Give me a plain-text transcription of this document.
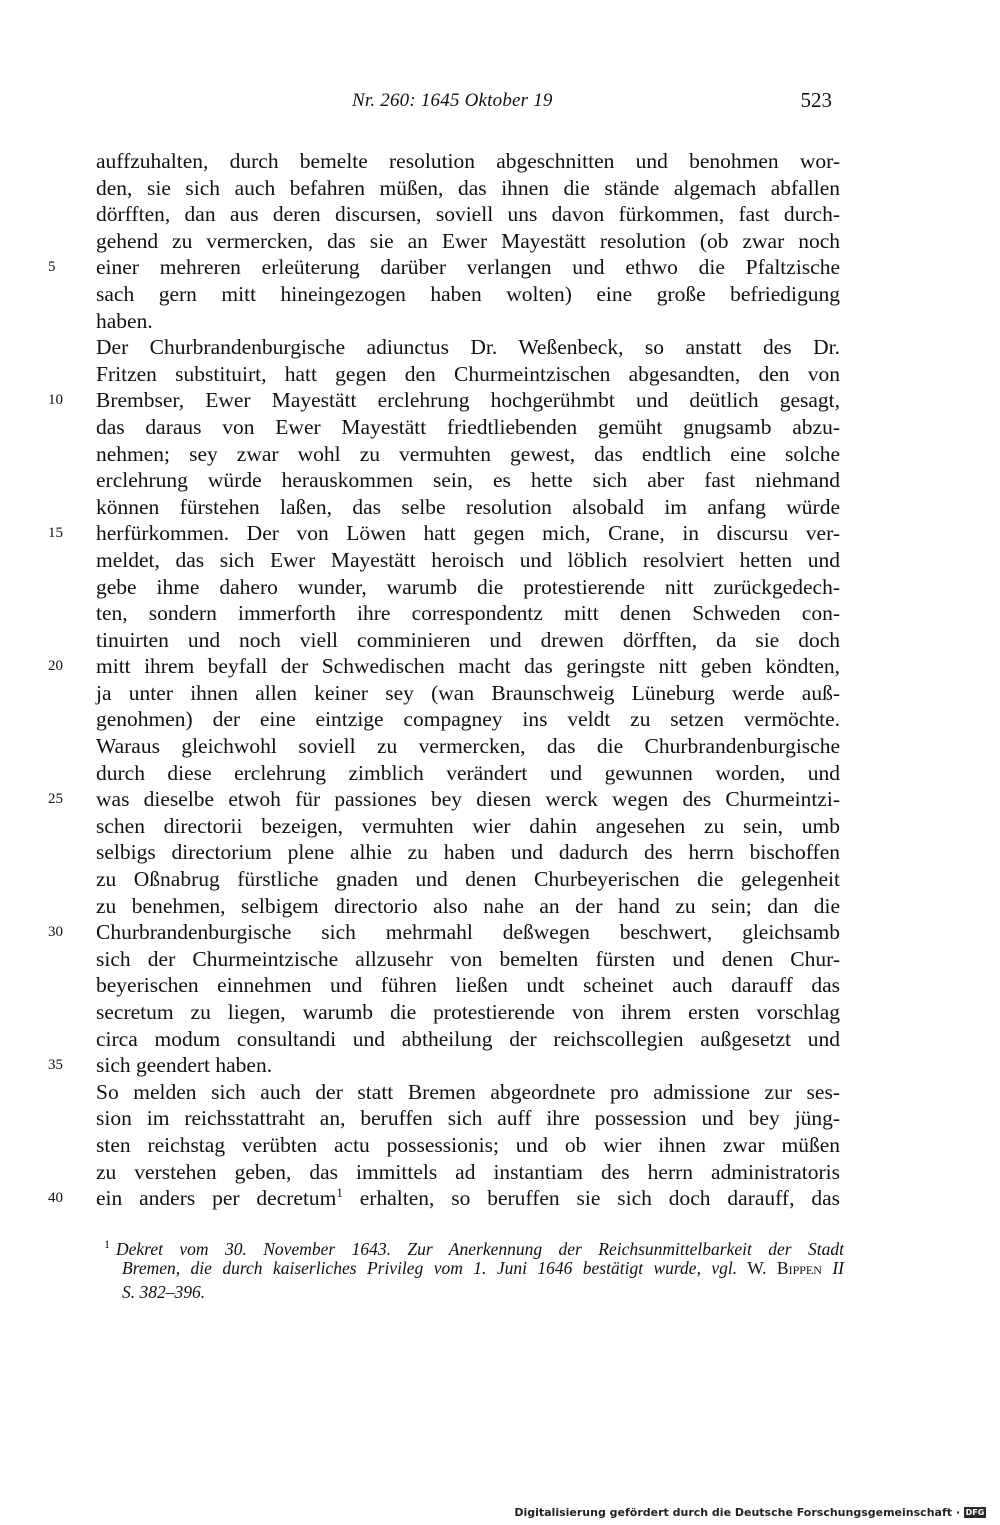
Nr. 260: 1645 Oktober 19	523
auffzuhalten, durch bemelte resolution abgeschnitten und benohmen wor-
den, sie sich auch befahren müßen, das ihnen die stände algemach abfallen
dörfften, dan aus deren discursen, soviell uns davon fürkommen, fast durch-
gehend zu vermercken, das sie an Ewer Mayestätt resolution (ob zwar noch
5	einer mehreren erleüterung darüber verlangen und ethwo die Pfaltzische
sach gern mitt hineingezogen haben wolten) eine große befriedigung
haben.
Der Churbrandenburgische adiunctus Dr. Weßenbeck, so anstatt des Dr.
Fritzen substituirt, hatt gegen den Churmeintzischen abgesandten, den von
10	Brembser, Ewer Mayestätt erclehrung hochgerühmbt und deütlich gesagt,
das daraus von Ewer Mayestätt friedtliebenden gemüht gnugsamb abzu-
nehmen; sey zwar wohl zu vermuhten gewest, das endtlich eine solche
erclehrung würde herauskommen sein, es hette sich aber fast niehmand
können fürstehen laßen, das selbe resolution alsobald im anfang würde
15	herfürkommen. Der von Löwen hatt gegen mich, Crane, in discursu ver-
meldet, das sich Ewer Mayestätt heroisch und löblich resolviert hetten und
gebe ihme dahero wunder, warumb die protestierende nitt zurückgedech-
ten, sondern immerforth ihre correspondentz mitt denen Schweden con-
tinuirten und noch viell comminieren und drewen dörfften, da sie doch
20	mitt ihrem beyfall der Schwedischen macht das geringste nitt geben köndten,
ja unter ihnen allen keiner sey (wan Braunschweig Lüneburg werde auß-
genohmen) der eine eintzige compagney ins veldt zu setzen vermöchte.
Waraus gleichwohl soviell zu vermercken, das die Churbrandenburgische
durch diese erclehrung zimblich verändert und gewunnen worden, und
25	was dieselbe etwoh für passiones bey diesen werck wegen des Churmeintzi-
schen directorii bezeigen, vermuhten wier dahin angesehen zu sein, umb
selbigs directorium plene alhie zu haben und dadurch des herrn bischoffen
zu Oßnabrug fürstliche gnaden und denen Churbeyerischen die gelegenheit
zu benehmen, selbigem directorio also nahe an der hand zu sein; dan die
30	Churbrandenburgische sich mehrmahl deßwegen beschwert, gleichsamb
sich der Churmeintzische allzusehr von bemelten fürsten und denen Chur-
beyerischen einnehmen und führen ließen undt scheinet auch darauff das
secretum zu liegen, warumb die protestierende von ihrem ersten vorschlag
circa modum consultandi und abtheilung der reichscollegien außgesetzt und
35	sich geendert haben.
So melden sich auch der statt Bremen abgeordnete pro admissione zur ses-
sion im reichsstattraht an, beruffen sich auff ihre possession und bey jüng-
sten reichstag verübten actu possessionis; und ob wier ihnen zwar müßen
zu verstehen geben, das immittels ad instantiam des herrn administratoris
40	ein anders per decretum$^1$ erhalten, so beruffen sie sich doch darauff, das
$^1$ Dekret vom 30. November 1643. Zur Anerkennung der Reichsunmittelbarkeit der Stadt
Bremen, die durch kaiserliches Privileg vom 1. Juni 1646 bestätigt wurde, vgl. W. Bippen II
S. 382–396.
Digitalisierung gefördert durch die Deutsche Forschungsgemeinschaft · DFG
